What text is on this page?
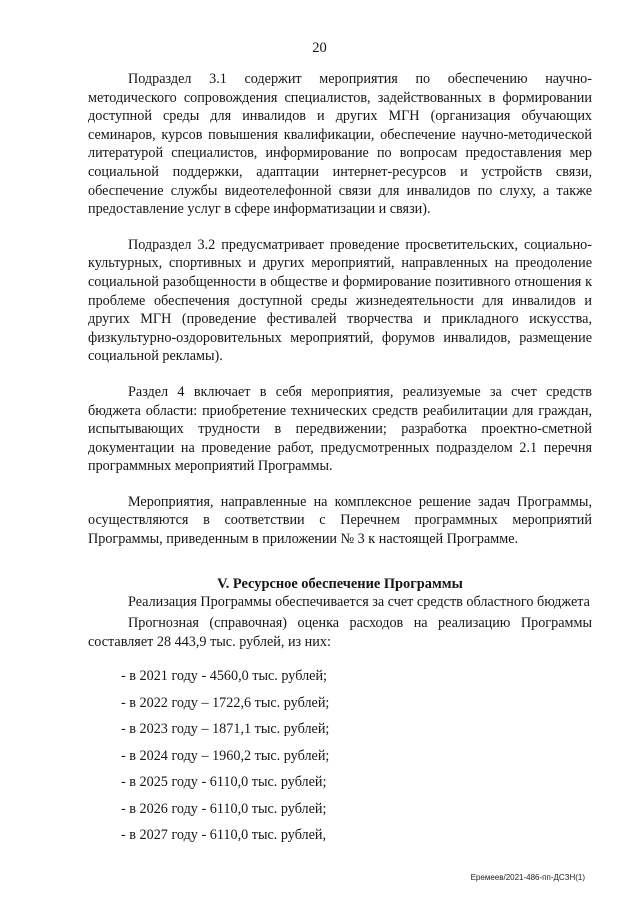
20

Подраздел 3.1 содержит мероприятия по обеспечению научно-методического сопровождения специалистов, задействованных в формировании доступной среды для инвалидов и других МГН (организация обучающих семинаров, курсов повышения квалификации, обеспечение научно-методической литературой специалистов, информирование по вопросам предоставления мер социальной поддержки, адаптации интернет-ресурсов и устройств связи, обеспечение службы видеотелефонной связи для инвалидов по слуху, а также предоставление услуг в сфере информатизации и связи).

Подраздел 3.2 предусматривает проведение просветительских, социально-культурных, спортивных и других мероприятий, направленных на преодоление социальной разобщенности в обществе и формирование позитивного отношения к проблеме обеспечения доступной среды жизнедеятельности для инвалидов и других МГН (проведение фестивалей творчества и прикладного искусства, физкультурно-оздоровительных мероприятий, форумов инвалидов, размещение социальной рекламы).

Раздел 4 включает в себя мероприятия, реализуемые за счет средств бюджета области: приобретение технических средств реабилитации для граждан, испытывающих трудности в передвижении; разработка проектно-сметной документации на проведение работ, предусмотренных подразделом 2.1 перечня программных мероприятий Программы.

Мероприятия, направленные на комплексное решение задач Программы, осуществляются в соответствии с Перечнем программных мероприятий Программы, приведенным в приложении № 3 к настоящей Программе.

V. Ресурсное обеспечение Программы

Реализация Программы обеспечивается за счет средств областного бюджета

Прогнозная (справочная) оценка расходов на реализацию Программы составляет 28 443,9 тыс. рублей, из них:

- в 2021 году - 4560,0 тыс. рублей;
- в 2022 году – 1722,6 тыс. рублей;
- в 2023 году – 1871,1 тыс. рублей;
- в 2024 году – 1960,2 тыс. рублей;
- в 2025 году - 6110,0 тыс. рублей;
- в 2026 году - 6110,0 тыс. рублей;
- в 2027 году - 6110,0 тыс. рублей,
Еремеев/2021-486-пп-ДСЗН(1)
